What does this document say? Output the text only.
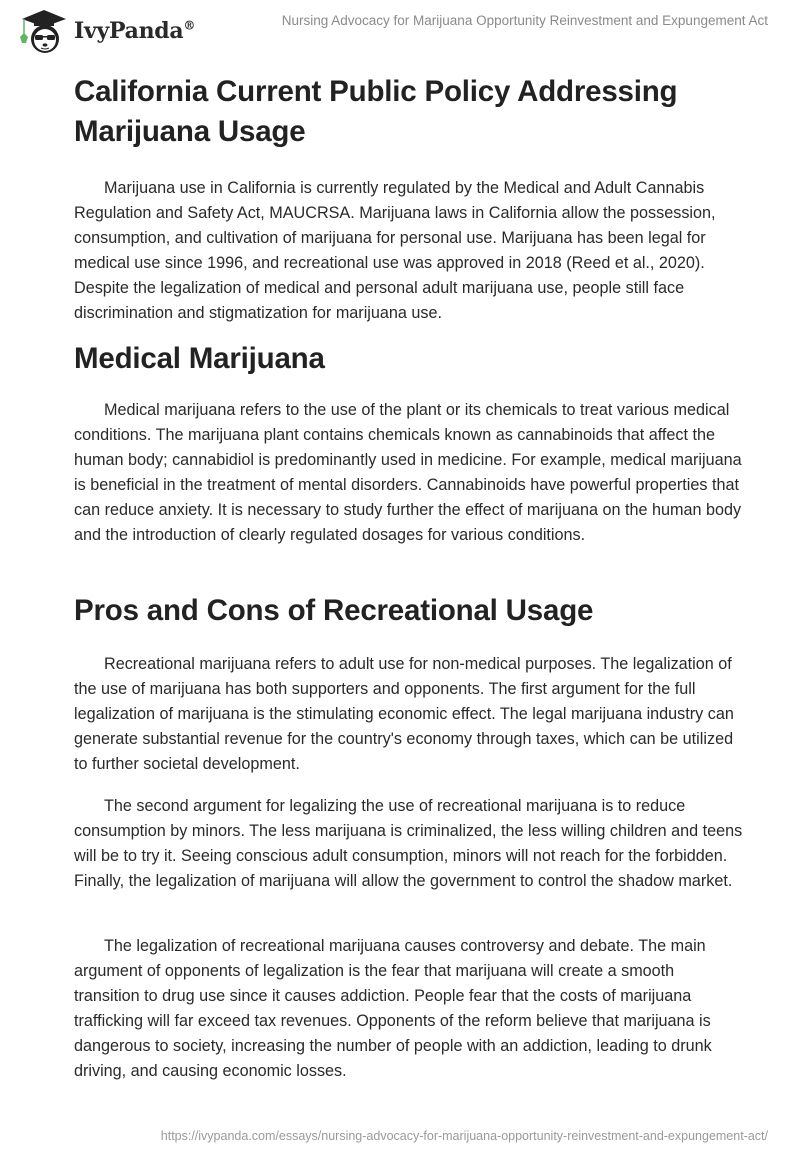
IvyPanda®	Nursing Advocacy for Marijuana Opportunity Reinvestment and Expungement Act
California Current Public Policy Addressing Marijuana Usage

Marijuana use in California is currently regulated by the Medical and Adult Cannabis Regulation and Safety Act, MAUCRSA. Marijuana laws in California allow the possession, consumption, and cultivation of marijuana for personal use. Marijuana has been legal for medical use since 1996, and recreational use was approved in 2018 (Reed et al., 2020). Despite the legalization of medical and personal adult marijuana use, people still face discrimination and stigmatization for marijuana use.

Medical Marijuana

Medical marijuana refers to the use of the plant or its chemicals to treat various medical conditions. The marijuana plant contains chemicals known as cannabinoids that affect the human body; cannabidiol is predominantly used in medicine. For example, medical marijuana is beneficial in the treatment of mental disorders. Cannabinoids have powerful properties that can reduce anxiety. It is necessary to study further the effect of marijuana on the human body and the introduction of clearly regulated dosages for various conditions.

Pros and Cons of Recreational Usage

Recreational marijuana refers to adult use for non-medical purposes. The legalization of the use of marijuana has both supporters and opponents. The first argument for the full legalization of marijuana is the stimulating economic effect. The legal marijuana industry can generate substantial revenue for the country's economy through taxes, which can be utilized to further societal development.

The second argument for legalizing the use of recreational marijuana is to reduce consumption by minors. The less marijuana is criminalized, the less willing children and teens will be to try it. Seeing conscious adult consumption, minors will not reach for the forbidden. Finally, the legalization of marijuana will allow the government to control the shadow market.

The legalization of recreational marijuana causes controversy and debate. The main argument of opponents of legalization is the fear that marijuana will create a smooth transition to drug use since it causes addiction. People fear that the costs of marijuana trafficking will far exceed tax revenues. Opponents of the reform believe that marijuana is dangerous to society, increasing the number of people with an addiction, leading to drunk driving, and causing economic losses.

https://ivypanda.com/essays/nursing-advocacy-for-marijuana-opportunity-reinvestment-and-expungement-act/
